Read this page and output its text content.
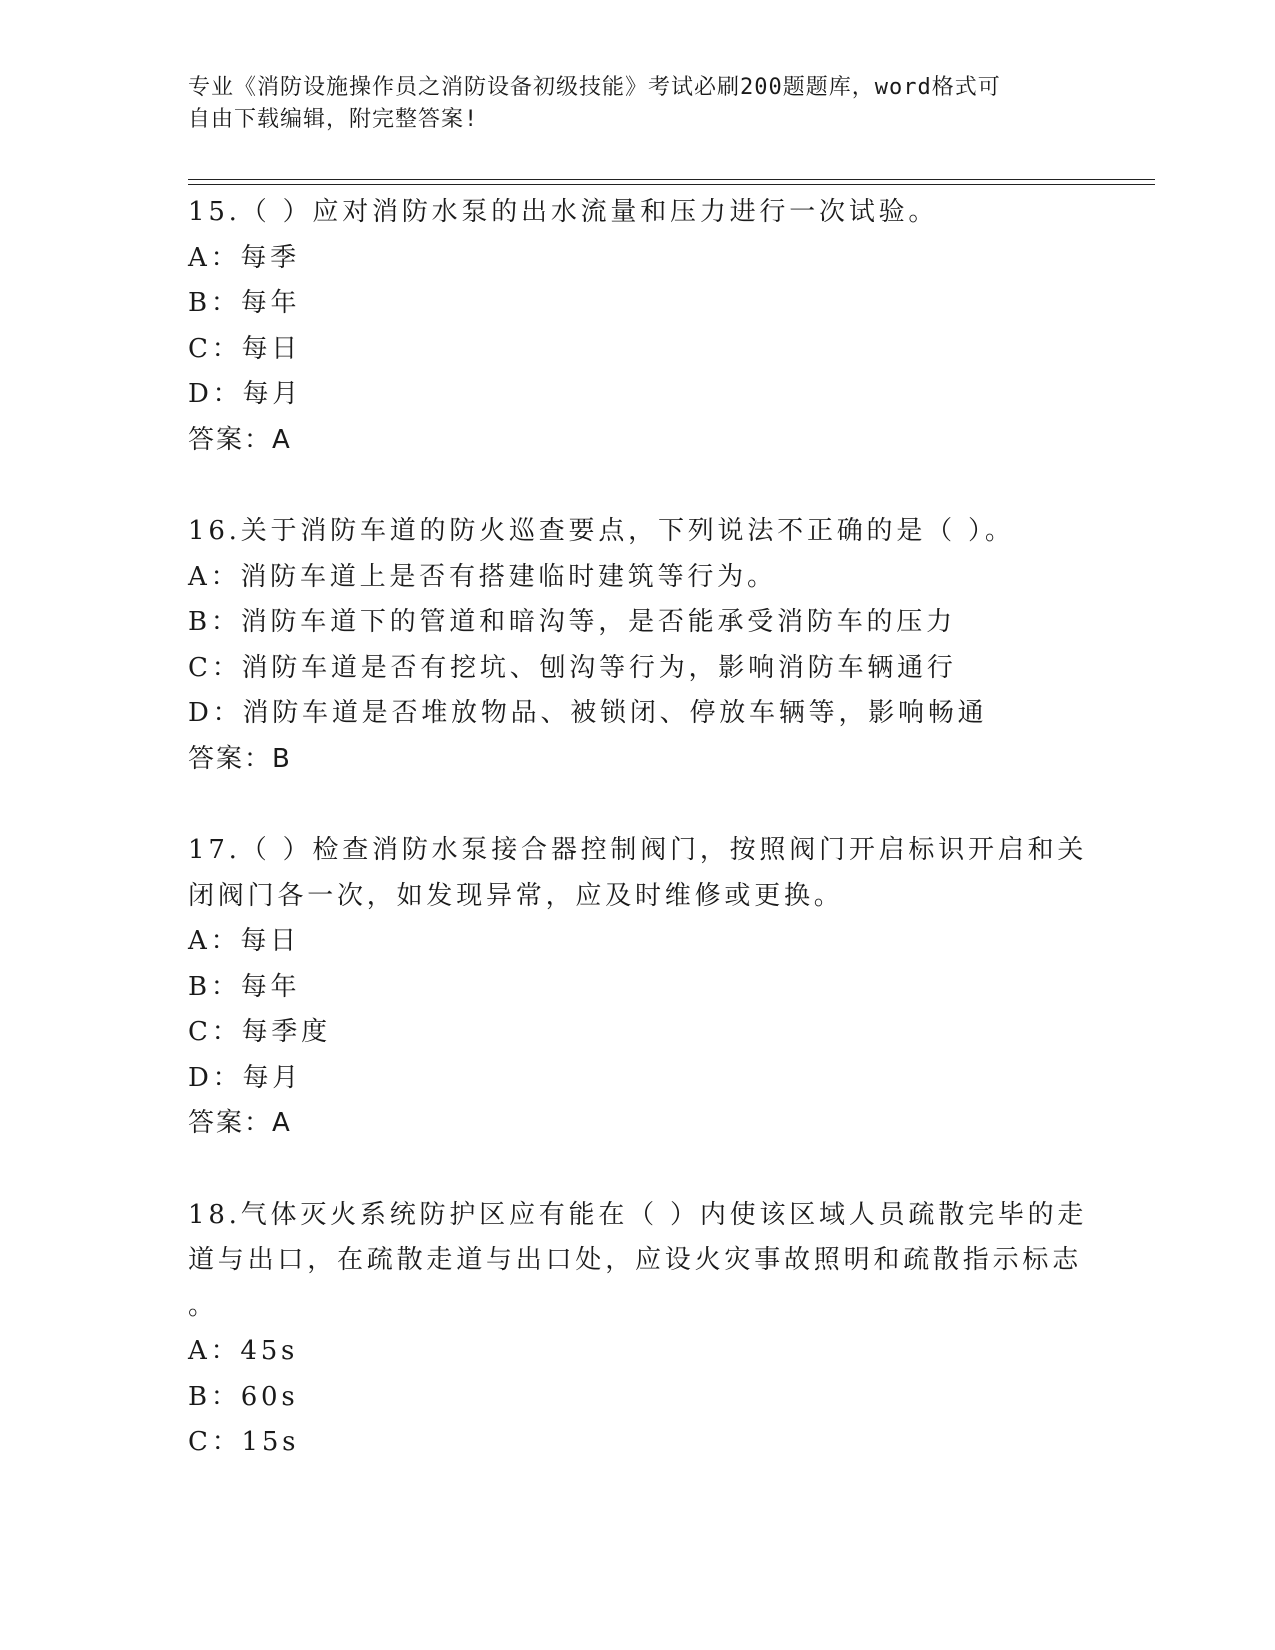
专业《消防设施操作员之消防设备初级技能》考试必刷200题题库，word格式可
自由下载编辑，附完整答案!
15.（ ）应对消防水泵的出水流量和压力进行一次试验。
A：每季
B：每年
C：每日
D：每月
答案：A
16.关于消防车道的防火巡查要点，下列说法不正确的是（ ）。
A：消防车道上是否有搭建临时建筑等行为。
B：消防车道下的管道和暗沟等，是否能承受消防车的压力
C：消防车道是否有挖坑、刨沟等行为，影响消防车辆通行
D：消防车道是否堆放物品、被锁闭、停放车辆等，影响畅通
答案：B
17.（ ）检查消防水泵接合器控制阀门，按照阀门开启标识开启和关
闭阀门各一次，如发现异常，应及时维修或更换。
A：每日
B：每年
C：每季度
D：每月
答案：A
18.气体灭火系统防护区应有能在（ ）内使该区域人员疏散完毕的走
道与出口，在疏散走道与出口处，应设火灾事故照明和疏散指示标志
。
A：45s
B：60s
C：15s
